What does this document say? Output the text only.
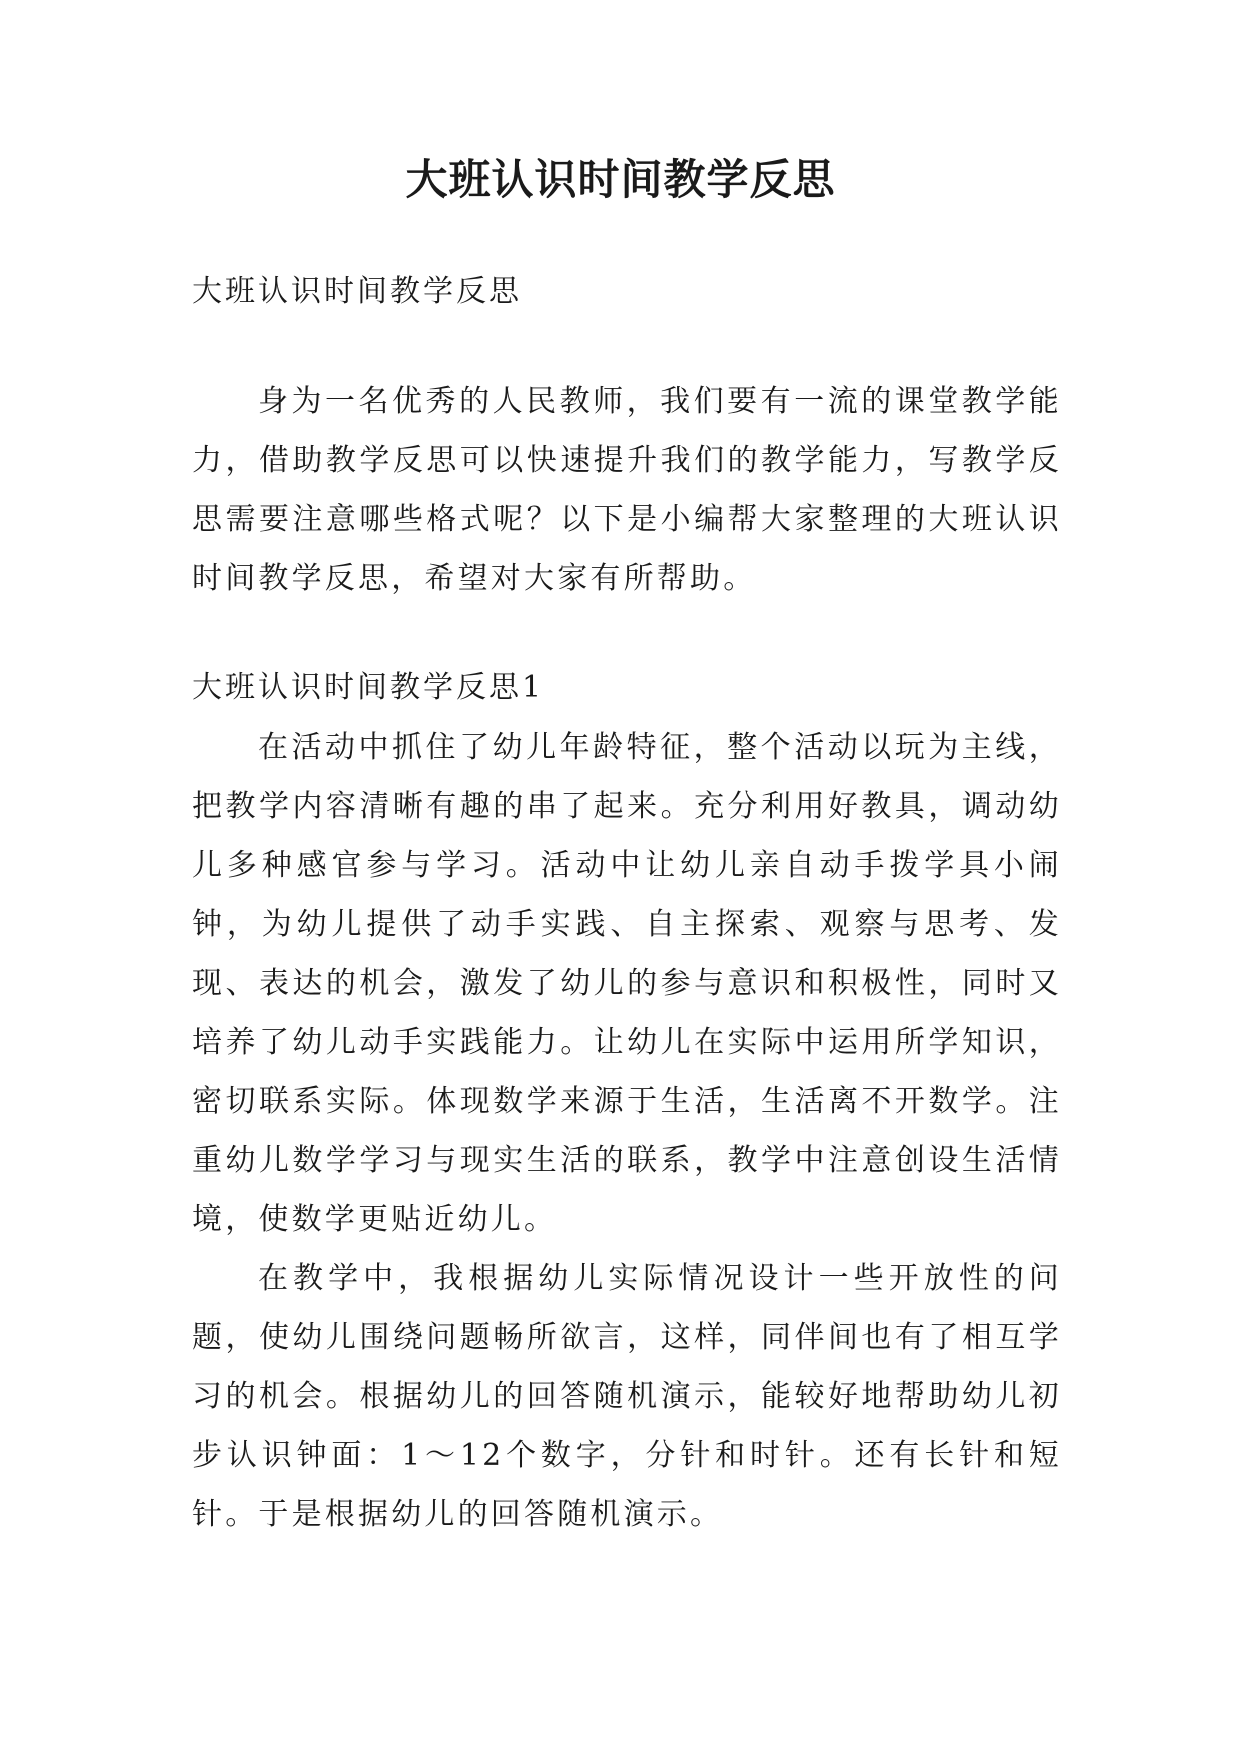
大班认识时间教学反思

大班认识时间教学反思

身为一名优秀的人民教师，我们要有一流的课堂教学能力，借助教学反思可以快速提升我们的教学能力，写教学反思需要注意哪些格式呢？以下是小编帮大家整理的大班认识时间教学反思，希望对大家有所帮助。

大班认识时间教学反思1

在活动中抓住了幼儿年龄特征，整个活动以玩为主线，把教学内容清晰有趣的串了起来。充分利用好教具，调动幼儿多种感官参与学习。活动中让幼儿亲自动手拨学具小闹钟，为幼儿提供了动手实践、自主探索、观察与思考、发现、表达的机会，激发了幼儿的参与意识和积极性，同时又培养了幼儿动手实践能力。让幼儿在实际中运用所学知识，密切联系实际。体现数学来源于生活，生活离不开数学。注重幼儿数学学习与现实生活的联系，教学中注意创设生活情境，使数学更贴近幼儿。

在教学中，我根据幼儿实际情况设计一些开放性的问题，使幼儿围绕问题畅所欲言，这样，同伴间也有了相互学习的机会。根据幼儿的回答随机演示，能较好地帮助幼儿初步认识钟面：1～12个数字，分针和时针。还有长针和短针。于是根据幼儿的回答随机演示。
